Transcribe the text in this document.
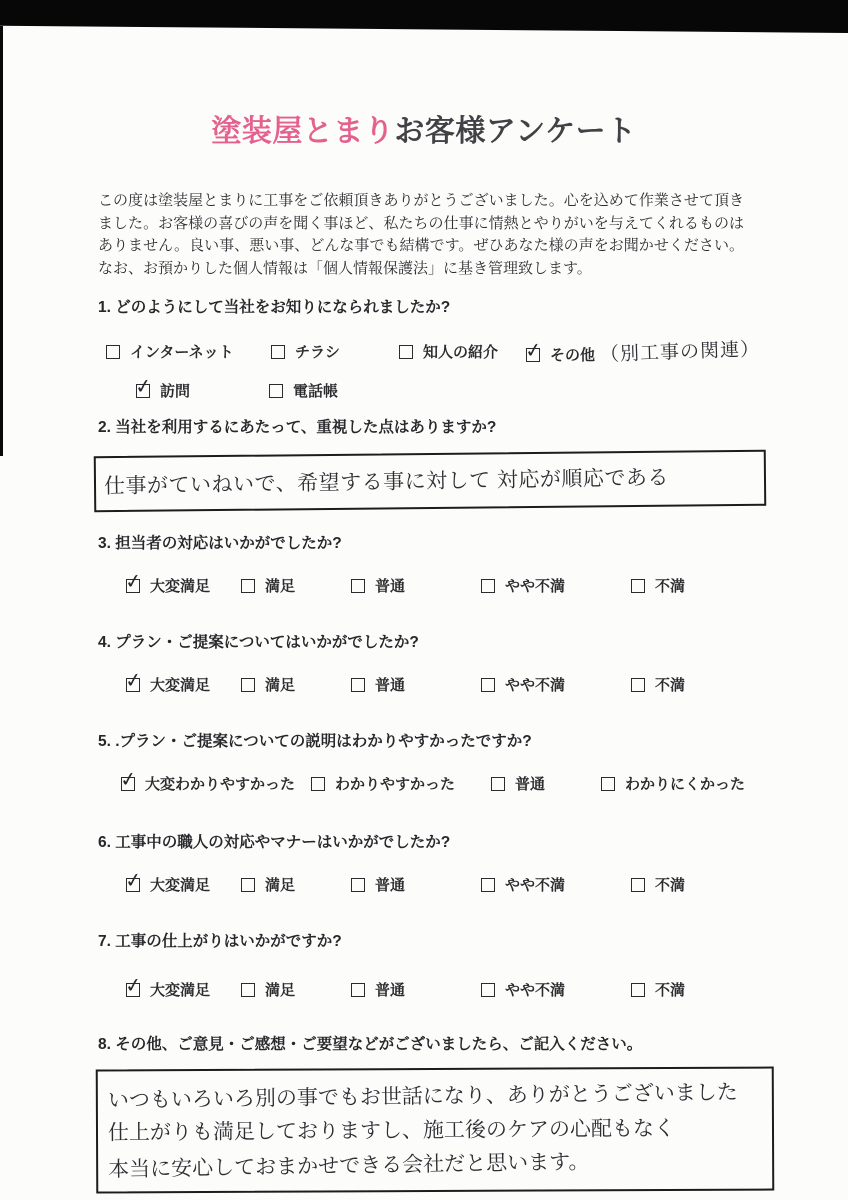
塗装屋とまりお客様アンケート

この度は塗装屋とまりに工事をご依頼頂きありがとうございました。心を込めて作業させて頂きました。お客様の喜びの声を聞く事ほど、私たちの仕事に情熱とやりがいを与えてくれるものはありません。良い事、悪い事、どんな事でも結構です。ぜひあなた様の声をお聞かせください。なお、お預かりした個人情報は「個人情報保護法」に基き管理致します。

1. どのようにして当社をお知りになられましたか?
インターネット	チラシ	知人の紹介 ✓ その他 （別工事の関連）
✓ 訪問	電話帳
2. 当社を利用するにあたって、重視した点はありますか?
仕事がていねいで、希望する事に対して 対応が順応である
3. 担当者の対応はいかがでしたか?
✓ 大変満足	満足	普通	やや不満	不満
4. プラン・ご提案についてはいかがでしたか?
✓ 大変満足	満足	普通	やや不満	不満
5. .プラン・ご提案についての説明はわかりやすかったですか?
✓ 大変わかりやすかった	わかりやすかった	普通	わかりにくかった
6. 工事中の職人の対応やマナーはいかがでしたか?
✓ 大変満足	満足	普通	やや不満	不満
7. 工事の仕上がりはいかがですか?
✓ 大変満足	満足	普通	やや不満	不満
8. その他、ご意見・ご感想・ご要望などがございましたら、ご記入ください。
いつもいろいろ別の事でもお世話になり、ありがとうございました
仕上がりも満足しておりますし、施工後のケアの心配もなく
本当に安心しておまかせできる会社だと思います。
